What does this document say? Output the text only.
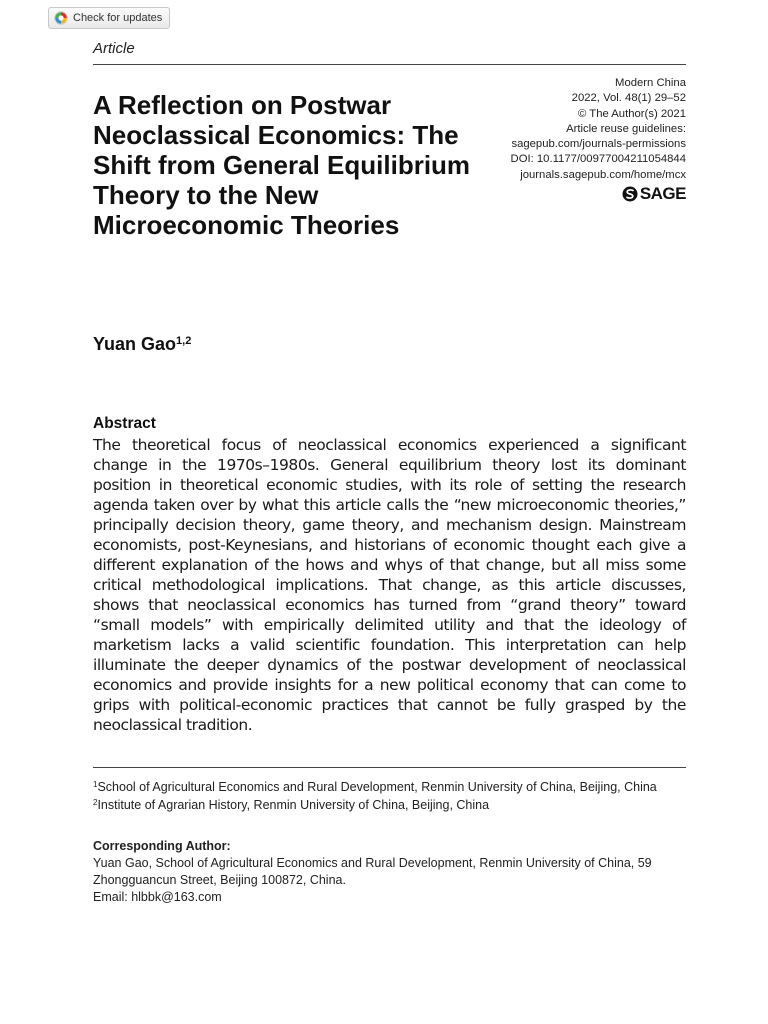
Check for updates
Article
A Reflection on Postwar Neoclassical Economics: The Shift from General Equilibrium Theory to the New Microeconomic Theories
Modern China
2022, Vol. 48(1) 29–52
© The Author(s) 2021
Article reuse guidelines:
sagepub.com/journals-permissions
DOI: 10.1177/00977004211054844
journals.sagepub.com/home/mcx
SAGE
Yuan Gao$^{1,2}$
Abstract

The theoretical focus of neoclassical economics experienced a significant change in the 1970s–1980s. General equilibrium theory lost its dominant position in theoretical economic studies, with its role of setting the research agenda taken over by what this article calls the “new microeconomic theories,” principally decision theory, game theory, and mechanism design. Mainstream economists, post-Keynesians, and historians of economic thought each give a different explanation of the hows and whys of that change, but all miss some critical methodological implications. That change, as this article discusses, shows that neoclassical economics has turned from “grand theory” toward “small models” with empirically delimited utility and that the ideology of marketism lacks a valid scientific foundation. This interpretation can help illuminate the deeper dynamics of the postwar development of neoclassical economics and provide insights for a new political economy that can come to grips with political-economic practices that cannot be fully grasped by the neoclassical tradition.

$^1$School of Agricultural Economics and Rural Development, Renmin University of China, Beijing, China

$^2$Institute of Agrarian History, Renmin University of China, Beijing, China

Corresponding Author:
Yuan Gao, School of Agricultural Economics and Rural Development, Renmin University of China, 59 Zhongguancun Street, Beijing 100872, China.
Email: hlbbk@163.com
